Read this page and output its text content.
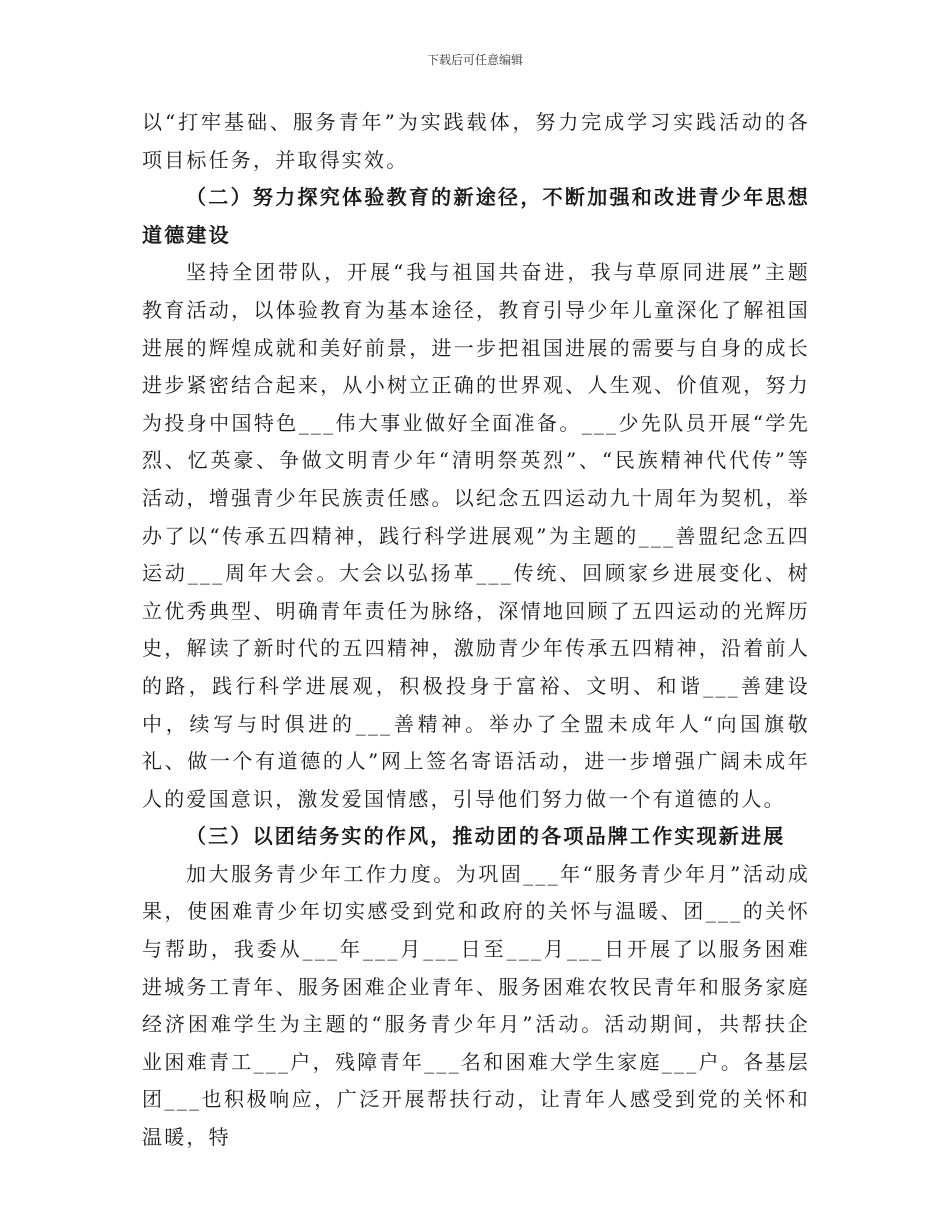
下载后可任意编辑

以“打牢基础、服务青年”为实践载体，努力完成学习实践活动的各项目标任务，并取得实效。

（二）努力探究体验教育的新途径，不断加强和改进青少年思想道德建设

坚持全团带队，开展“我与祖国共奋进，我与草原同进展”主题教育活动，以体验教育为基本途径，教育引导少年儿童深化了解祖国进展的辉煌成就和美好前景，进一步把祖国进展的需要与自身的成长进步紧密结合起来，从小树立正确的世界观、人生观、价值观，努力为投身中国特色___伟大事业做好全面准备。___少先队员开展“学先烈、忆英豪、争做文明青少年“清明祭英烈”、“民族精神代代传”等活动，增强青少年民族责任感。以纪念五四运动九十周年为契机，举办了以“传承五四精神，践行科学进展观”为主题的___善盟纪念五四运动___周年大会。大会以弘扬革___传统、回顾家乡进展变化、树立优秀典型、明确青年责任为脉络，深情地回顾了五四运动的光辉历史，解读了新时代的五四精神，激励青少年传承五四精神，沿着前人的路，践行科学进展观，积极投身于富裕、文明、和谐___善建设中，续写与时俱进的___善精神。举办了全盟未成年人“向国旗敬礼、做一个有道德的人”网上签名寄语活动，进一步增强广阔未成年人的爱国意识，激发爱国情感，引导他们努力做一个有道德的人。

（三）以团结务实的作风，推动团的各项品牌工作实现新进展

加大服务青少年工作力度。为巩固___年“服务青少年月”活动成果，使困难青少年切实感受到党和政府的关怀与温暖、团___的关怀与帮助，我委从___年___月___日至___月___日开展了以服务困难进城务工青年、服务困难企业青年、服务困难农牧民青年和服务家庭经济困难学生为主题的“服务青少年月”活动。活动期间，共帮扶企业困难青工___户，残障青年___名和困难大学生家庭___户。各基层团___也积极响应，广泛开展帮扶行动，让青年人感受到党的关怀和温暖，特
